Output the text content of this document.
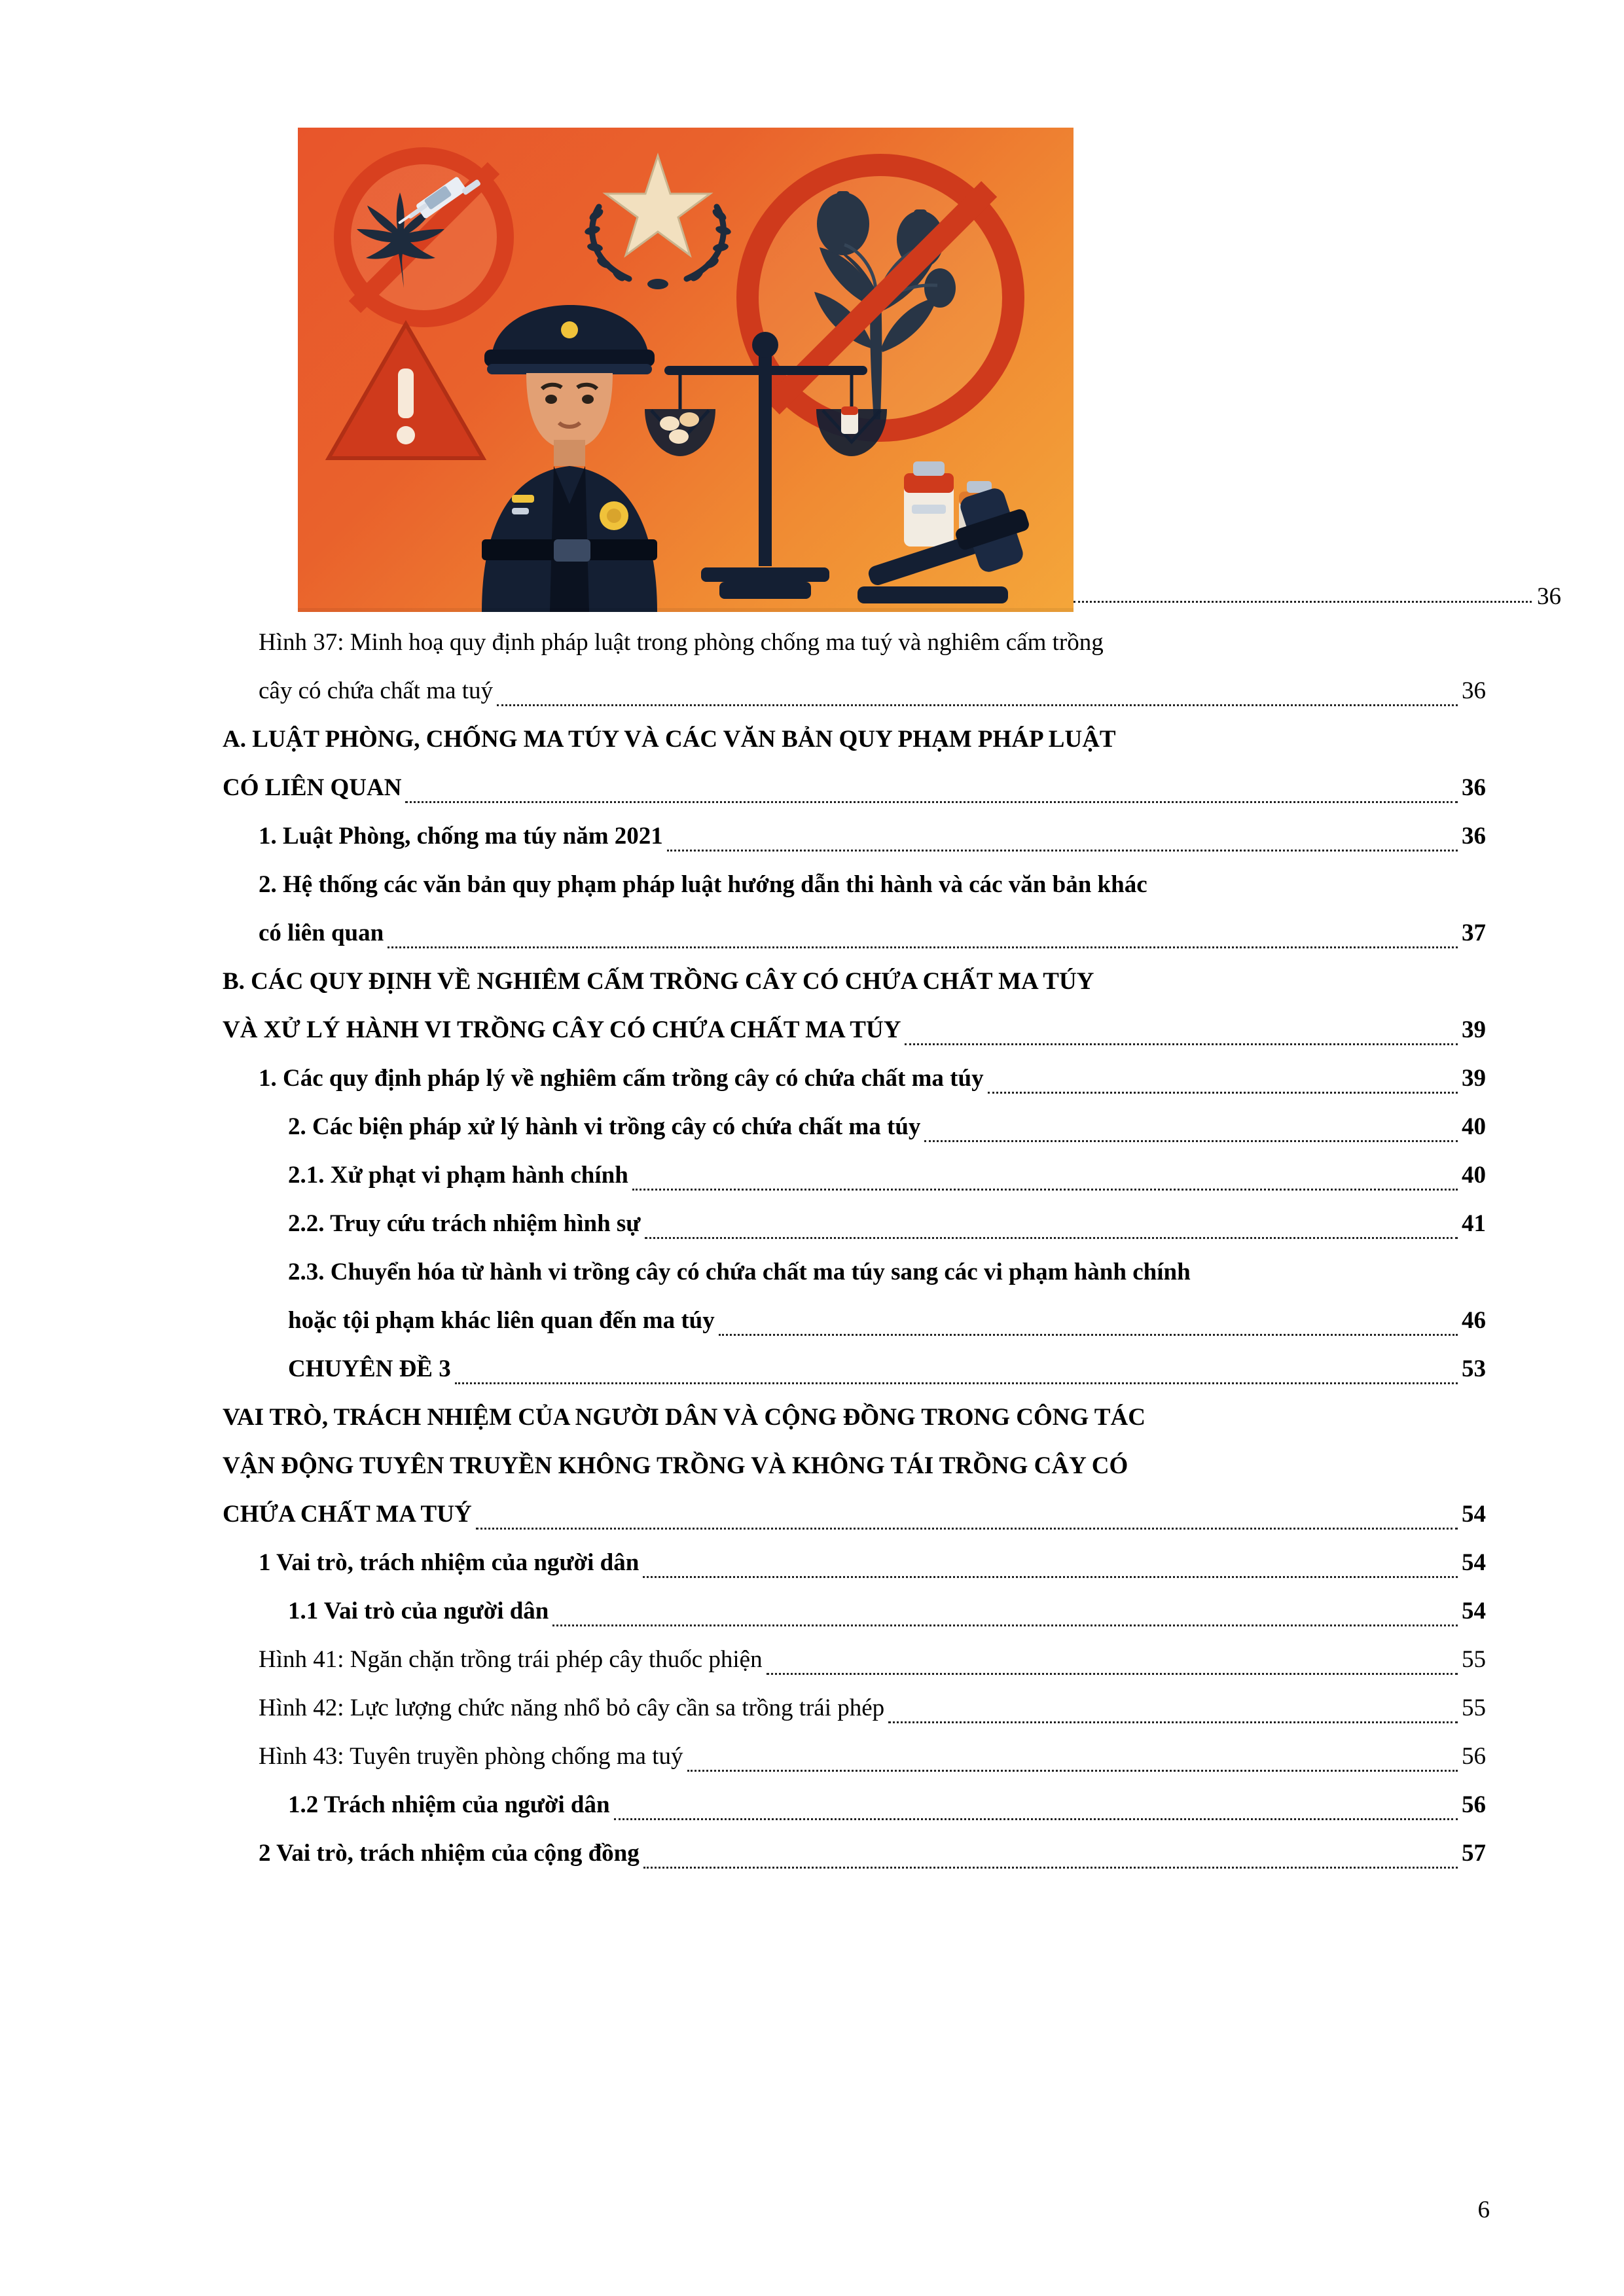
36
Hình 37: Minh hoạ quy định pháp luật trong phòng chống ma tuý và nghiêm cấm trồng
cây có chứa chất ma tuý	36
A. LUẬT PHÒNG, CHỐNG MA TÚY VÀ CÁC VĂN BẢN QUY PHẠM PHÁP LUẬT
CÓ LIÊN QUAN	36
1. Luật Phòng, chống ma túy năm 2021	36
2. Hệ thống các văn bản quy phạm pháp luật hướng dẫn thi hành và các văn bản khác
có liên quan	37
B. CÁC QUY ĐỊNH VỀ NGHIÊM CẤM TRỒNG CÂY CÓ CHỨA CHẤT MA TÚY
VÀ XỬ LÝ HÀNH VI TRỒNG CÂY CÓ CHỨA CHẤT MA TÚY	39
1. Các quy định pháp lý về nghiêm cấm trồng cây có chứa chất ma túy	39
2. Các biện pháp xử lý hành vi trồng cây có chứa chất ma túy	40
2.1. Xử phạt vi phạm hành chính	40
2.2. Truy cứu trách nhiệm hình sự	41
2.3. Chuyển hóa từ hành vi trồng cây có chứa chất ma túy sang các vi phạm hành chính
hoặc tội phạm khác liên quan đến ma túy	46
CHUYÊN ĐỀ 3	53
VAI TRÒ, TRÁCH NHIỆM CỦA NGƯỜI DÂN VÀ CỘNG ĐỒNG TRONG CÔNG TÁC
VẬN ĐỘNG TUYÊN TRUYỀN KHÔNG TRỒNG VÀ KHÔNG TÁI TRỒNG CÂY CÓ
CHỨA CHẤT MA TUÝ	54
1 Vai trò, trách nhiệm của người dân	54
1.1 Vai trò của người dân	54
Hình 41: Ngăn chặn trồng trái phép cây thuốc phiện	55
Hình 42: Lực lượng chức năng nhổ bỏ cây cần sa trồng trái phép	55
Hình 43: Tuyên truyền phòng chống ma tuý	56
1.2 Trách nhiệm của người dân	56
2 Vai trò, trách nhiệm của cộng đồng	57
6
